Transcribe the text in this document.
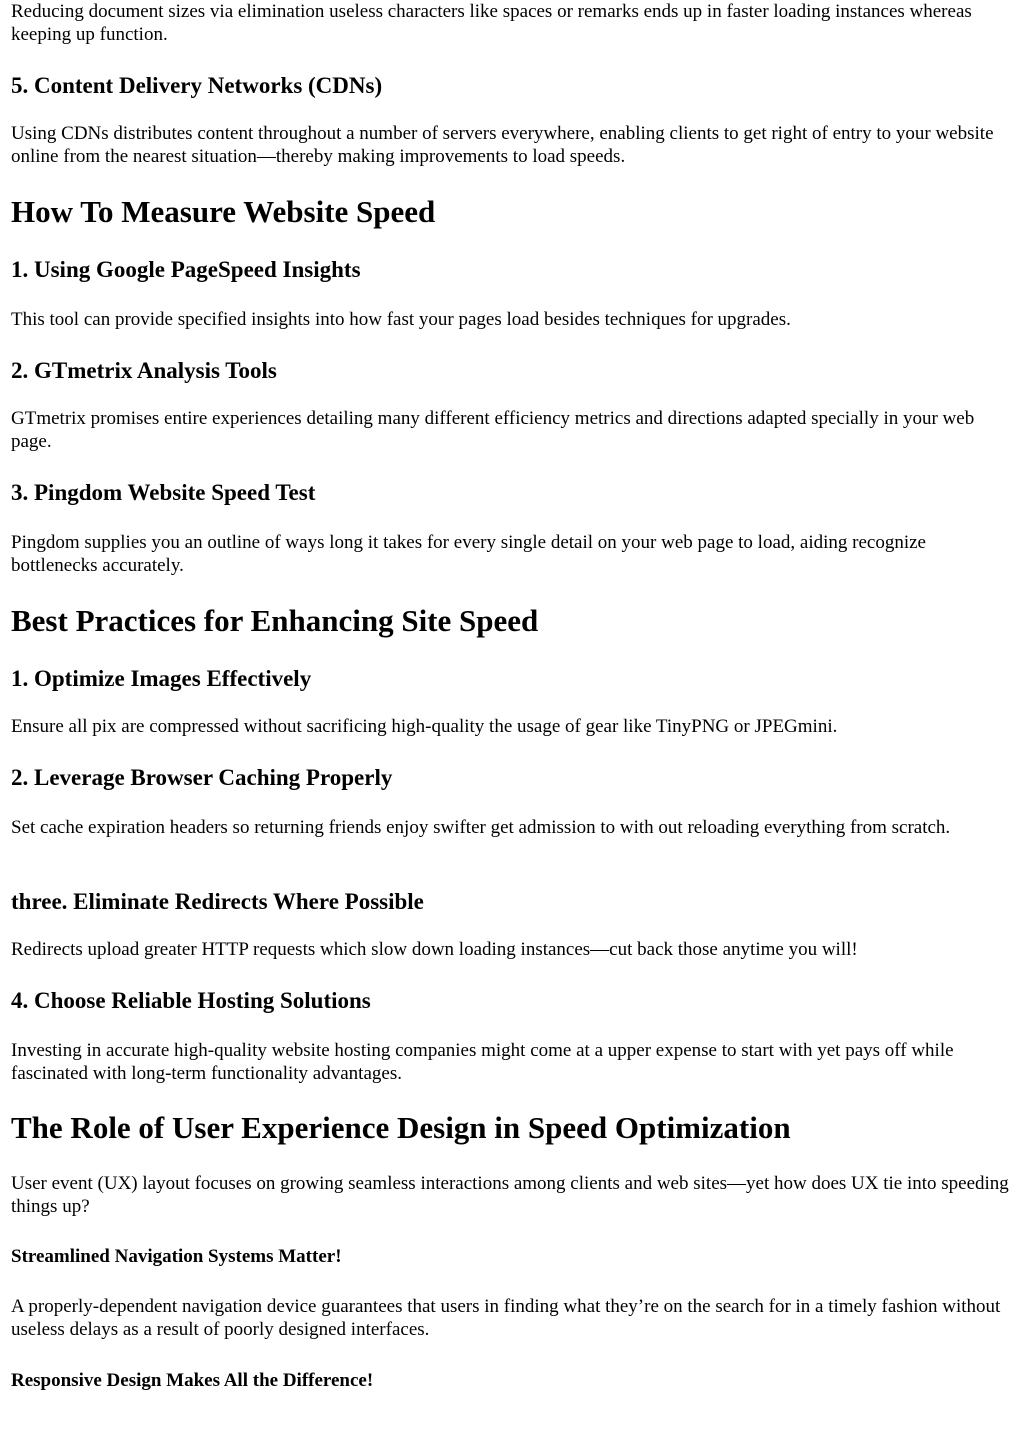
Reducing document sizes via elimination useless characters like spaces or remarks ends up in faster loading instances whereas keeping up function.

5. Content Delivery Networks (CDNs)

Using CDNs distributes content throughout a number of servers everywhere, enabling clients to get right of entry to your website online from the nearest situation—thereby making improvements to load speeds.

How To Measure Website Speed
1. Using Google PageSpeed Insights

This tool can provide specified insights into how fast your pages load besides techniques for upgrades.

2. GTmetrix Analysis Tools

GTmetrix promises entire experiences detailing many different efficiency metrics and directions adapted specially in your web page.

3. Pingdom Website Speed Test

Pingdom supplies you an outline of ways long it takes for every single detail on your web page to load, aiding recognize bottlenecks accurately.

Best Practices for Enhancing Site Speed
1. Optimize Images Effectively

Ensure all pix are compressed without sacrificing high-quality the usage of gear like TinyPNG or JPEGmini.

2. Leverage Browser Caching Properly

Set cache expiration headers so returning friends enjoy swifter get admission to with out reloading everything from scratch.

three. Eliminate Redirects Where Possible

Redirects upload greater HTTP requests which slow down loading instances—cut back those anytime you will!

4. Choose Reliable Hosting Solutions

Investing in accurate high-quality website hosting companies might come at a upper expense to start with yet pays off while fascinated with long-term functionality advantages.

The Role of User Experience Design in Speed Optimization

User event (UX) layout focuses on growing seamless interactions among clients and web sites—yet how does UX tie into speeding things up?

Streamlined Navigation Systems Matter!

A properly-dependent navigation device guarantees that users in finding what they’re on the search for in a timely fashion without useless delays as a result of poorly designed interfaces.

Responsive Design Makes All the Difference!
